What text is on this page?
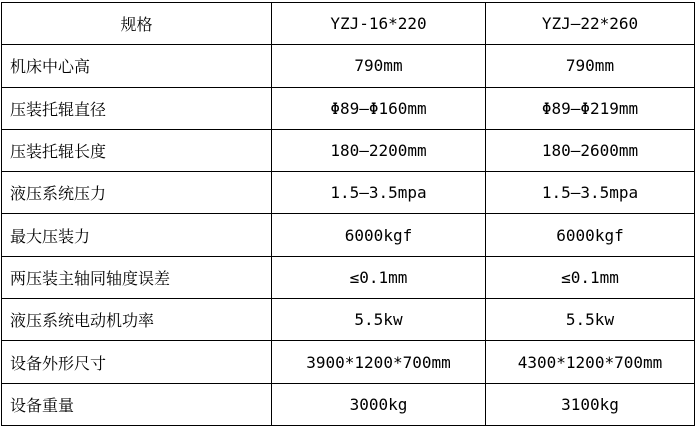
规格	YZJ-16*220	YZJ—22*260
机床中心高	790mm	790mm
压装托辊直径	Φ89—Φ160mm	Φ89—Φ219mm
压装托辊长度	180—2200mm	180—2600mm
液压系统压力	1.5—3.5mpa	1.5—3.5mpa
最大压装力	6000kgf	6000kgf
两压装主轴同轴度误差	≤0.1mm	≤0.1mm
液压系统电动机功率	5.5kw	5.5kw
设备外形尺寸	3900*1200*700mm	4300*1200*700mm
设备重量	3000kg	3100kg
